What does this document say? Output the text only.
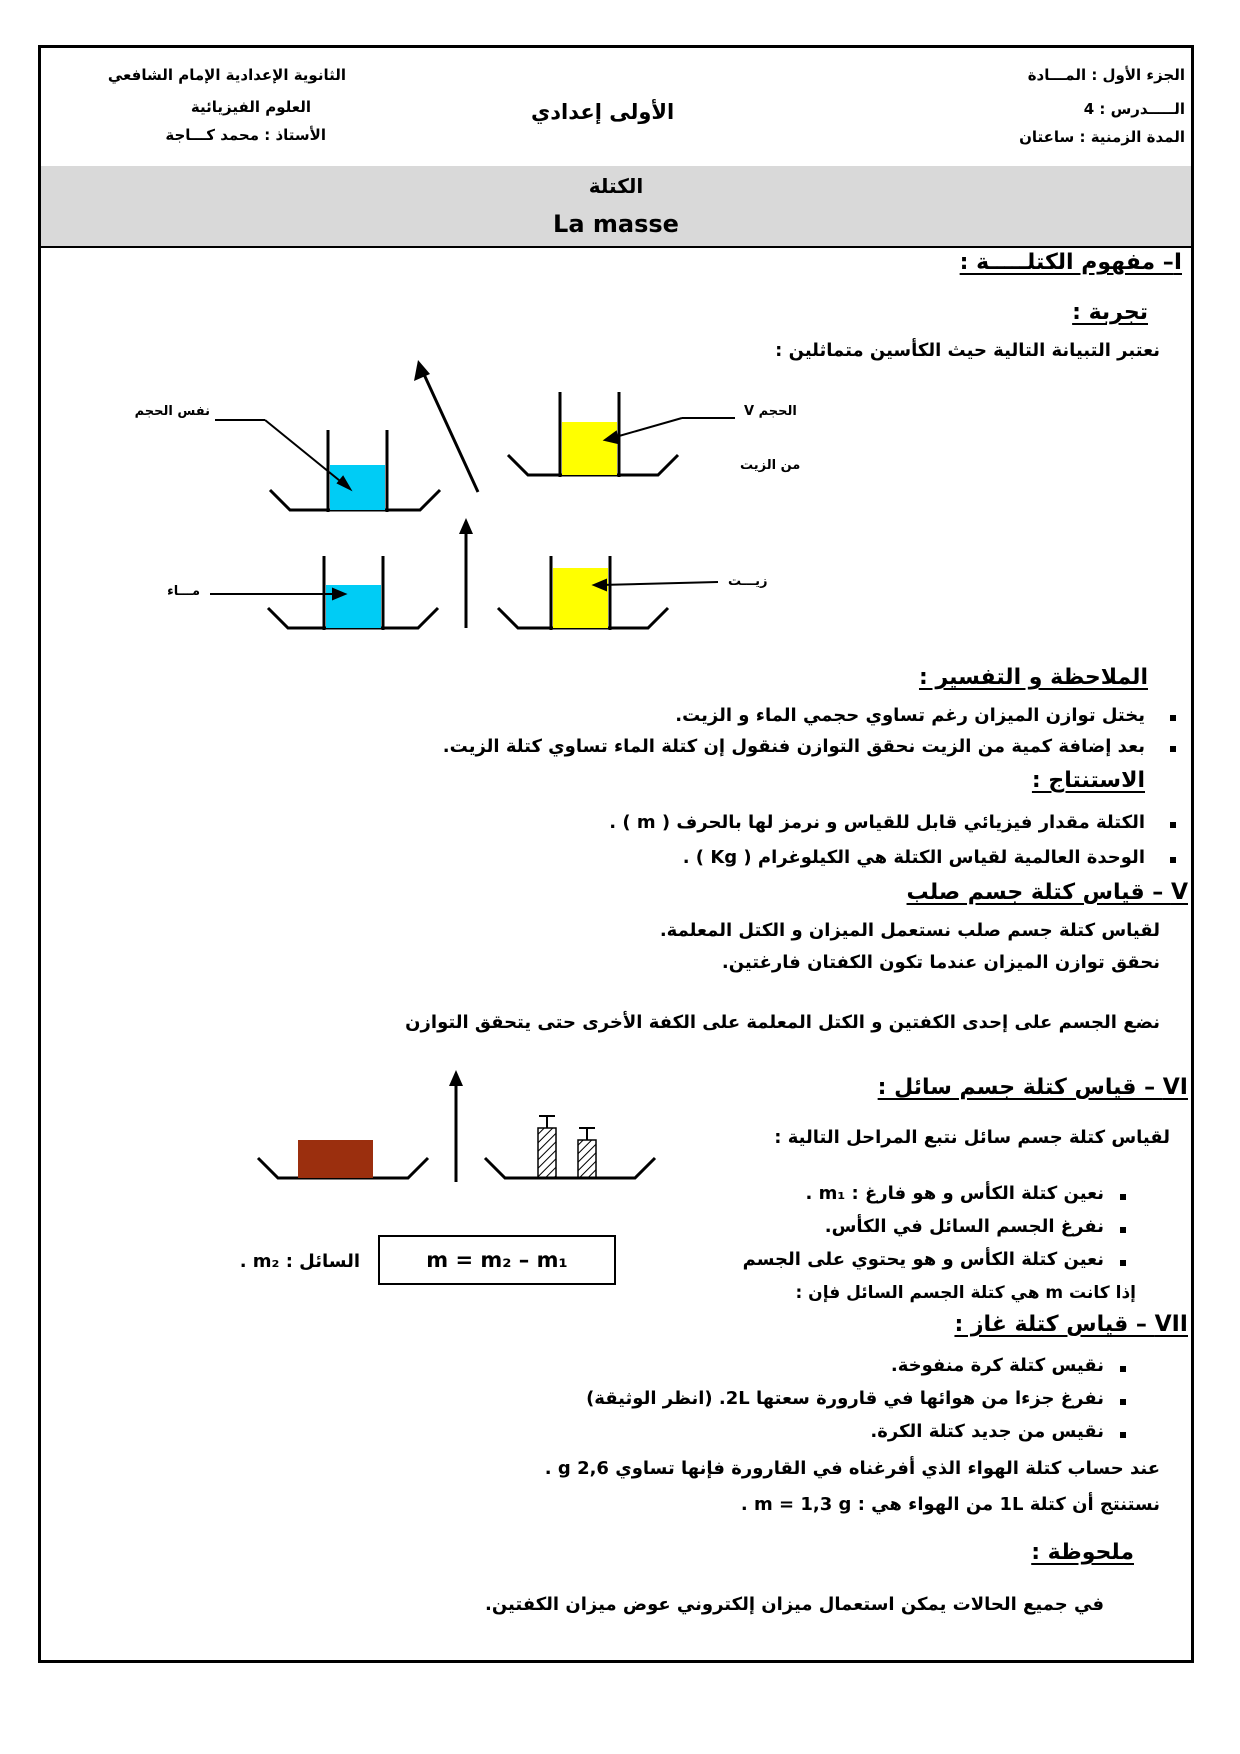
الثانوية الإعدادية الإمام الشافعي
العلوم الفيزيائية
الأستاذ : محمد كـــاجة
الأولى إعدادي
الجزء الأول : المـــادة
الـــــدرس : 4
المدة الزمنية : ساعتان
الكتلة
La masse
I– مفهوم الكتلـــــة :
تجربة :
نعتبر التبيانة التالية حيث الكأسين متماثلين :
نفس الحجم	الحجم V
من الزيت
مـــاء
زيـــت
الملاحظة و التفسير :
يختل توازن الميزان رغم تساوي حجمي الماء و الزيت.
بعد إضافة كمية من الزيت نحقق التوازن فنقول إن كتلة الماء تساوي كتلة الزيت.
الاستنتاج :
الكتلة مقدار فيزيائي قابل للقياس و نرمز لها بالحرف ( m ) .
الوحدة العالمية لقياس الكتلة هي الكيلوغرام ( Kg ) .
V – قياس كتلة جسم صلب
لقياس كتلة جسم صلب نستعمل الميزان و الكتل المعلمة.
نحقق توازن الميزان عندما تكون الكفتان فارغتين.
نضع الجسم على إحدى الكفتين و الكتل المعلمة على الكفة الأخرى حتى يتحقق التوازن
VI – قياس كتلة جسم سائل :
لقياس كتلة جسم سائل نتبع المراحل التالية :
نعين كتلة الكأس و هو فارغ : m₁ .
نفرغ الجسم السائل في الكأس.
نعين كتلة الكأس و هو يحتوي على الجسم
السائل : m₂ .	m = m₂ – m₁
إذا كانت m هي كتلة الجسم السائل فإن :
VII – قياس كتلة غاز :
نقيس كتلة كرة منفوخة.
نفرغ جزءا من هوائها في قارورة سعتها 2L. (انظر الوثيقة)
نقيس من جديد كتلة الكرة.
عند حساب كتلة الهواء الذي أفرغناه في القارورة فإنها تساوي 2,6 g .
نستنتج أن كتلة 1L من الهواء هي : m = 1,3 g .
ملحوظة :
في جميع الحالات يمكن استعمال ميزان إلكتروني عوض ميزان الكفتين.
